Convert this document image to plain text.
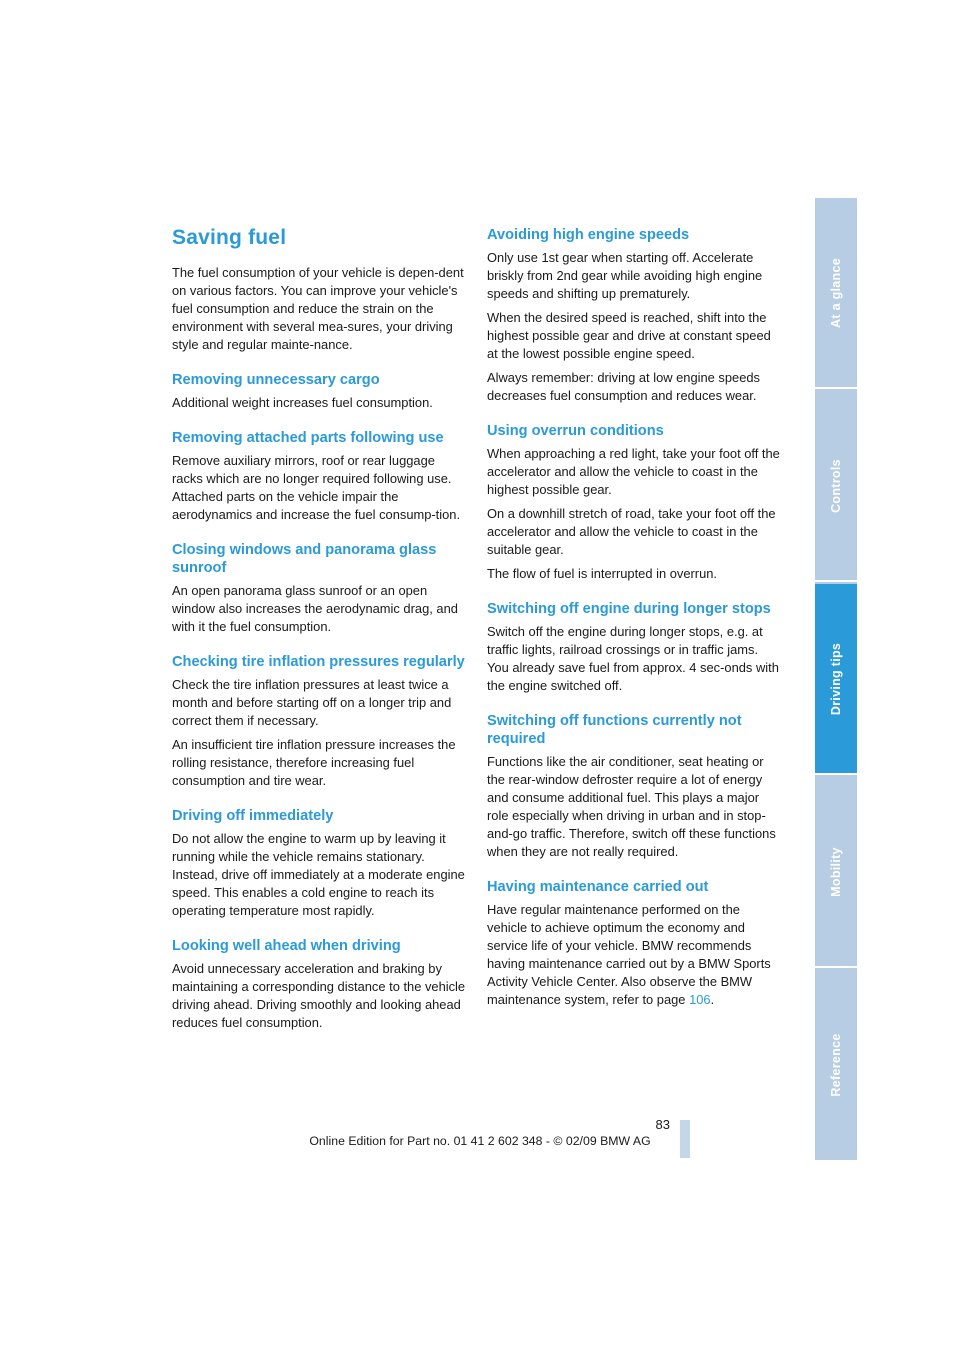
Saving fuel

The fuel consumption of your vehicle is depen-dent on various factors. You can improve your vehicle's fuel consumption and reduce the strain on the environment with several mea-sures, your driving style and regular mainte-nance.

Removing unnecessary cargo

Additional weight increases fuel consumption.

Removing attached parts following use

Remove auxiliary mirrors, roof or rear luggage racks which are no longer required following use. Attached parts on the vehicle impair the aerodynamics and increase the fuel consump-tion.

Closing windows and panorama glass sunroof

An open panorama glass sunroof or an open window also increases the aerodynamic drag, and with it the fuel consumption.

Checking tire inflation pressures regularly

Check the tire inflation pressures at least twice a month and before starting off on a longer trip and correct them if necessary.

An insufficient tire inflation pressure increases the rolling resistance, therefore increasing fuel consumption and tire wear.

Driving off immediately

Do not allow the engine to warm up by leaving it running while the vehicle remains stationary. Instead, drive off immediately at a moderate engine speed. This enables a cold engine to reach its operating temperature most rapidly.

Looking well ahead when driving

Avoid unnecessary acceleration and braking by maintaining a corresponding distance to the vehicle driving ahead. Driving smoothly and looking ahead reduces fuel consumption.

Avoiding high engine speeds

Only use 1st gear when starting off. Accelerate briskly from 2nd gear while avoiding high engine speeds and shifting up prematurely.

When the desired speed is reached, shift into the highest possible gear and drive at constant speed at the lowest possible engine speed.

Always remember: driving at low engine speeds decreases fuel consumption and reduces wear.

Using overrun conditions

When approaching a red light, take your foot off the accelerator and allow the vehicle to coast in the highest possible gear.

On a downhill stretch of road, take your foot off the accelerator and allow the vehicle to coast in the suitable gear.

The flow of fuel is interrupted in overrun.

Switching off engine during longer stops

Switch off the engine during longer stops, e.g. at traffic lights, railroad crossings or in traffic jams. You already save fuel from approx. 4 sec-onds with the engine switched off.

Switching off functions currently not required

Functions like the air conditioner, seat heating or the rear-window defroster require a lot of energy and consume additional fuel. This plays a major role especially when driving in urban and in stop-and-go traffic. Therefore, switch off these functions when they are not really required.

Having maintenance carried out

Have regular maintenance performed on the vehicle to achieve optimum the economy and service life of your vehicle. BMW recommends having maintenance carried out by a BMW Sports Activity Vehicle Center. Also observe the BMW maintenance system, refer to page 106.

At a glance
Controls
Driving tips
Mobility
Reference
83
Online Edition for Part no. 01 41 2 602 348 - © 02/09 BMW AG
